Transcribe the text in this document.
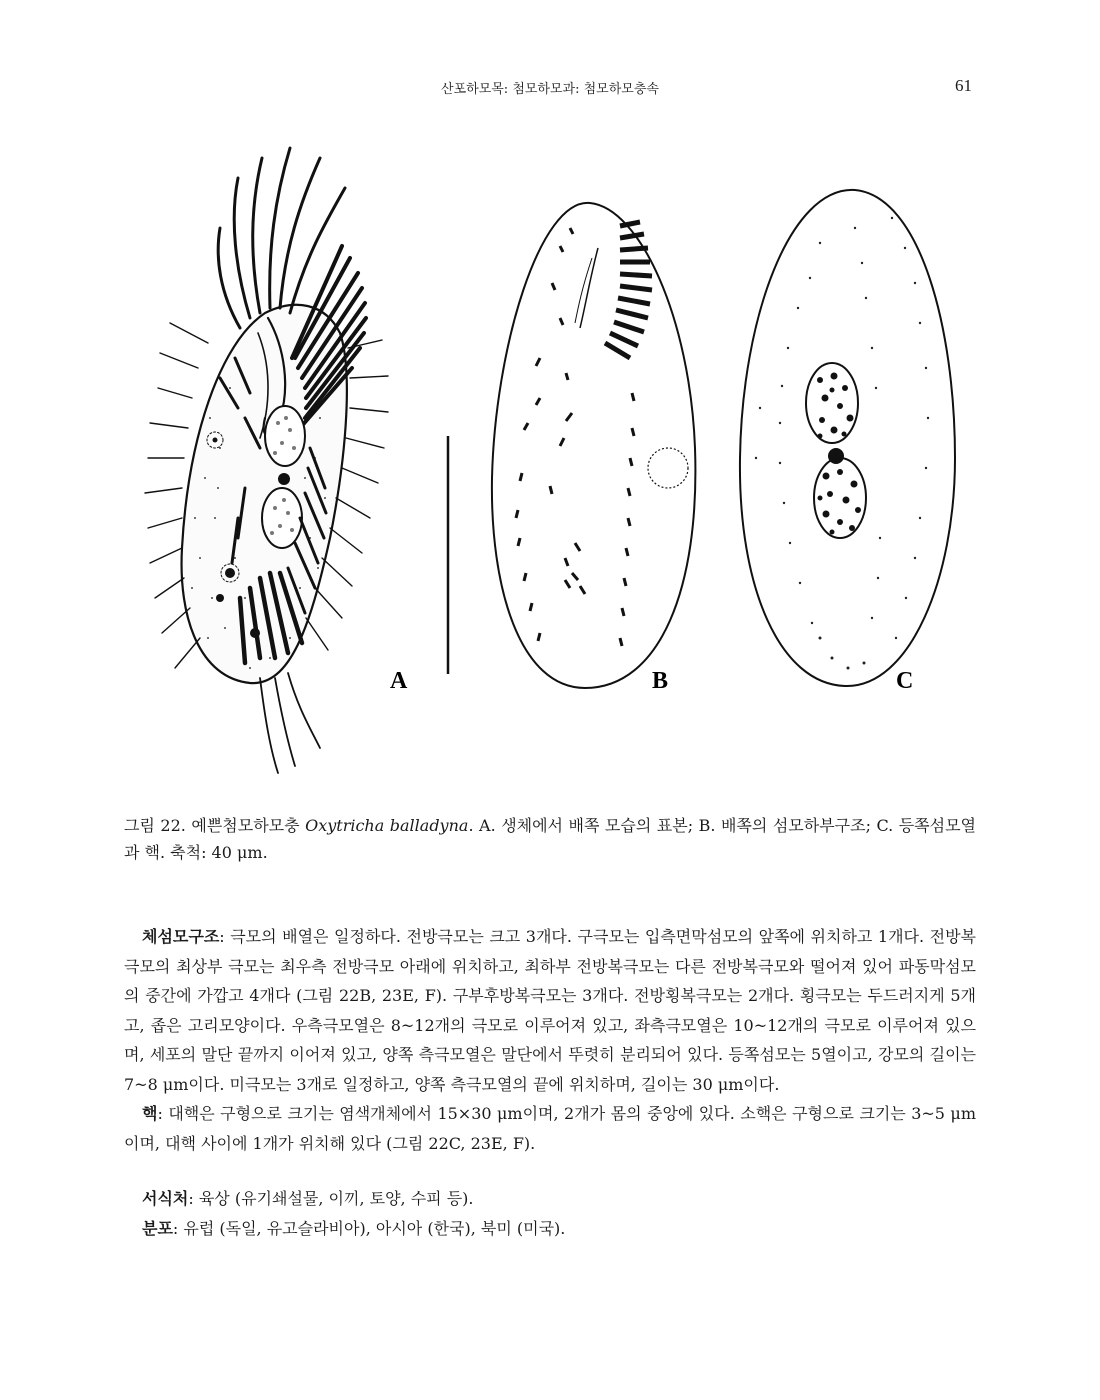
산포하모목: 첨모하모과: 첨모하모충속	61
A	B	C
그림 22. 예쁜첨모하모충 Oxytricha balladyna. A. 생체에서 배쪽 모습의 표본; B. 배쪽의 섬모하부구조; C. 등쪽섬모열과 핵. 축척: 40 μm.

체섬모구조: 극모의 배열은 일정하다. 전방극모는 크고 3개다. 구극모는 입측면막섬모의 앞쪽에 위치하고 1개다. 전방복극모의 최상부 극모는 최우측 전방극모 아래에 위치하고, 최하부 전방복극모는 다른 전방복극모와 떨어져 있어 파동막섬모의 중간에 가깝고 4개다 (그림 22B, 23E, F). 구부후방복극모는 3개다. 전방횡복극모는 2개다. 횡극모는 두드러지게 5개고, 좁은 고리모양이다. 우측극모열은 8~12개의 극모로 이루어져 있고, 좌측극모열은 10~12개의 극모로 이루어져 있으며, 세포의 말단 끝까지 이어져 있고, 양쪽 측극모열은 말단에서 뚜렷히 분리되어 있다. 등쪽섬모는 5열이고, 강모의 길이는 7~8 μm이다. 미극모는 3개로 일정하고, 양쪽 측극모열의 끝에 위치하며, 길이는 30 μm이다.

핵: 대핵은 구형으로 크기는 염색개체에서 15×30 μm이며, 2개가 몸의 중앙에 있다. 소핵은 구형으로 크기는 3~5 μm이며, 대핵 사이에 1개가 위치해 있다 (그림 22C, 23E, F).

서식처: 육상 (유기쇄설물, 이끼, 토양, 수피 등).

분포: 유럽 (독일, 유고슬라비아), 아시아 (한국), 북미 (미국).
